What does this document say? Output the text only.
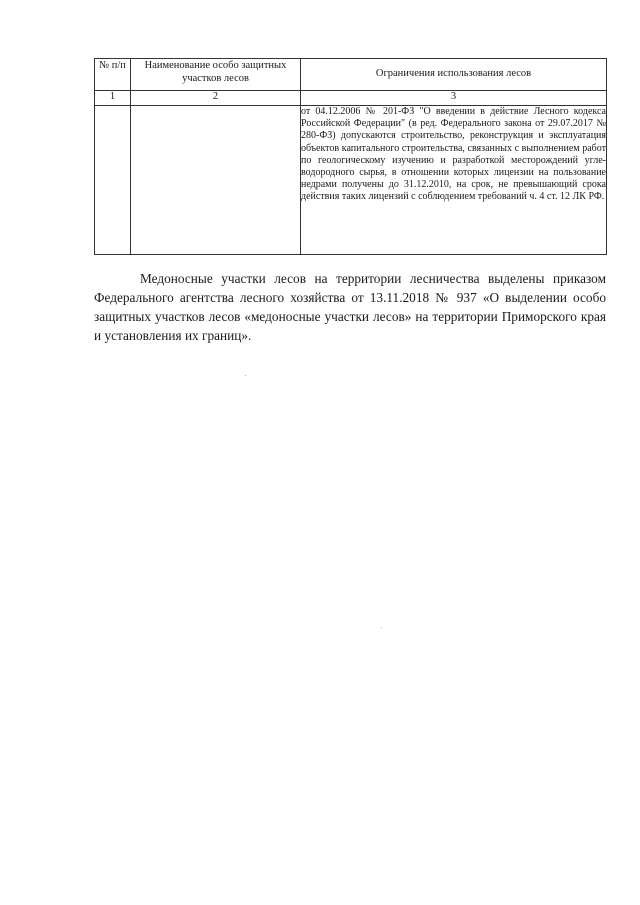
№ п/п	Наименование особо защитных участков лесов	Ограничения использования лесов
1	2	3
		от 04.12.2006 № 201-ФЗ "О введении в действие Лесного кодекса Российской Федерации" (в ред. Федерального закона от 29.07.2017 № 280-ФЗ) допускаются строительство, реконструкция и эксплуатация объектов капитального строительства, связанных с выполнением работ по геологическому изучению и разработкой месторождений угле-водородного сырья, в отношении которых лицензии на пользование недрами получены до 31.12.2010, на срок, не превышающий срока действия таких лицензий с соблюдением требований ч. 4 ст. 12 ЛК РФ.

Медоносные участки лесов на территории лесничества выделены приказом Федерального агентства лесного хозяйства от 13.11.2018 № 937 «О выделении особо защитных участков лесов «медоносные участки лесов» на территории Приморского края и установления их границ».
